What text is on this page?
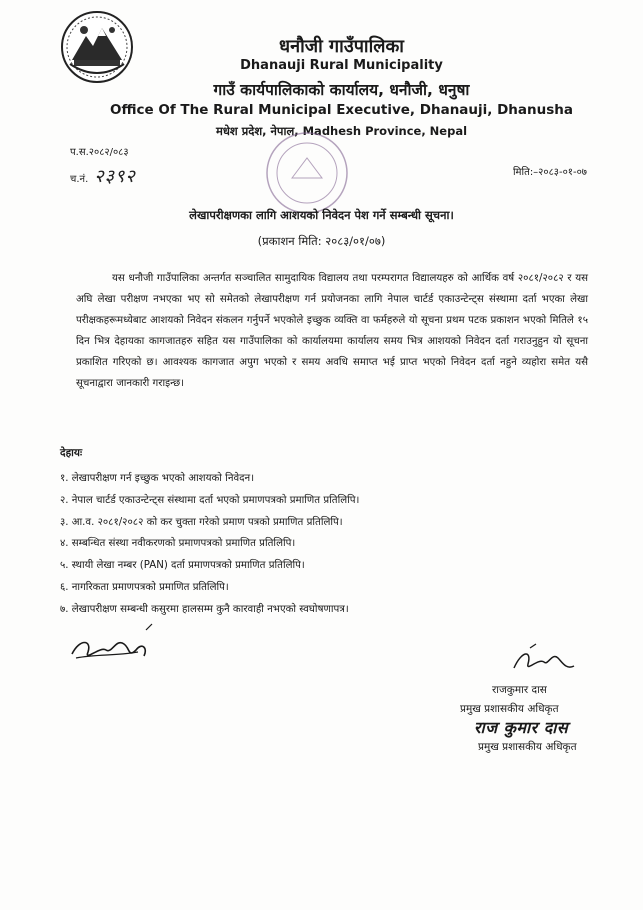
धनौजी गाउँपालिका
Dhanauji Rural Municipality
गाउँ कार्यपालिकाको कार्यालय, धनौजी, धनुषा
Office Of The Rural Municipal Executive, Dhanauji, Dhanusha
मधेश प्रदेश, नेपाल, Madhesh Province, Nepal
प.स.२०८२/०८३
च.नं. २३९२	मिति:–२०८३-०१-०७
लेखापरीक्षणका लागि आशयको निवेदन पेश गर्ने सम्बन्धी सूचना।
(प्रकाशन मिति: २०८३/०१/०७)
यस धनौजी गाउँपालिका अन्तर्गत सञ्चालित सामुदायिक विद्यालय तथा परम्परागत विद्यालयहरु को आर्थिक वर्ष २०८१/२०८२ र यस अघि लेखा परीक्षण नभएका भए सो समेतको लेखापरीक्षण गर्न प्रयोजनका लागि नेपाल चार्टर्ड एकाउन्टेन्ट्स संस्थामा दर्ता भएका लेखा परीक्षकहरूमध्येबाट आशयको निवेदन संकलन गर्नुपर्ने भएकोले इच्छुक व्यक्ति वा फर्महरुले यो सूचना प्रथम पटक प्रकाशन भएको मितिले १५ दिन भित्र देहायका कागजातहरु सहित यस गाउँपालिका को कार्यालयमा कार्यालय समय भित्र आशयको निवेदन दर्ता गराउनुहुन यो सूचना प्रकाशित गरिएको छ। आवश्यक कागजात अपुग भएको र समय अवधि समाप्त भई प्राप्त भएको निवेदन दर्ता नहुने व्यहोरा समेत यसै सूचनाद्वारा जानकारी गराइन्छ।
देहायः
१. लेखापरीक्षण गर्न इच्छुक भएको आशयको निवेदन।
२. नेपाल चार्टर्ड एकाउन्टेन्ट्स संस्थामा दर्ता भएको प्रमाणपत्रको प्रमाणित प्रतिलिपि।
३. आ.व. २०८१/२०८२ को कर चुक्ता गरेको प्रमाण पत्रको प्रमाणित प्रतिलिपि।
४. सम्बन्धित संस्था नवीकरणको प्रमाणपत्रको प्रमाणित प्रतिलिपि।
५. स्थायी लेखा नम्बर (PAN) दर्ता प्रमाणपत्रको प्रमाणित प्रतिलिपि।
६. नागरिकता प्रमाणपत्रको प्रमाणित प्रतिलिपि।
७. लेखापरीक्षण सम्बन्धी कसुरमा हालसम्म कुनै कारवाही नभएको स्वघोषणापत्र।
राजकुमार दास
प्रमुख प्रशासकीय अधिकृत
राज कुमार दास
प्रमुख प्रशासकीय अधिकृत
